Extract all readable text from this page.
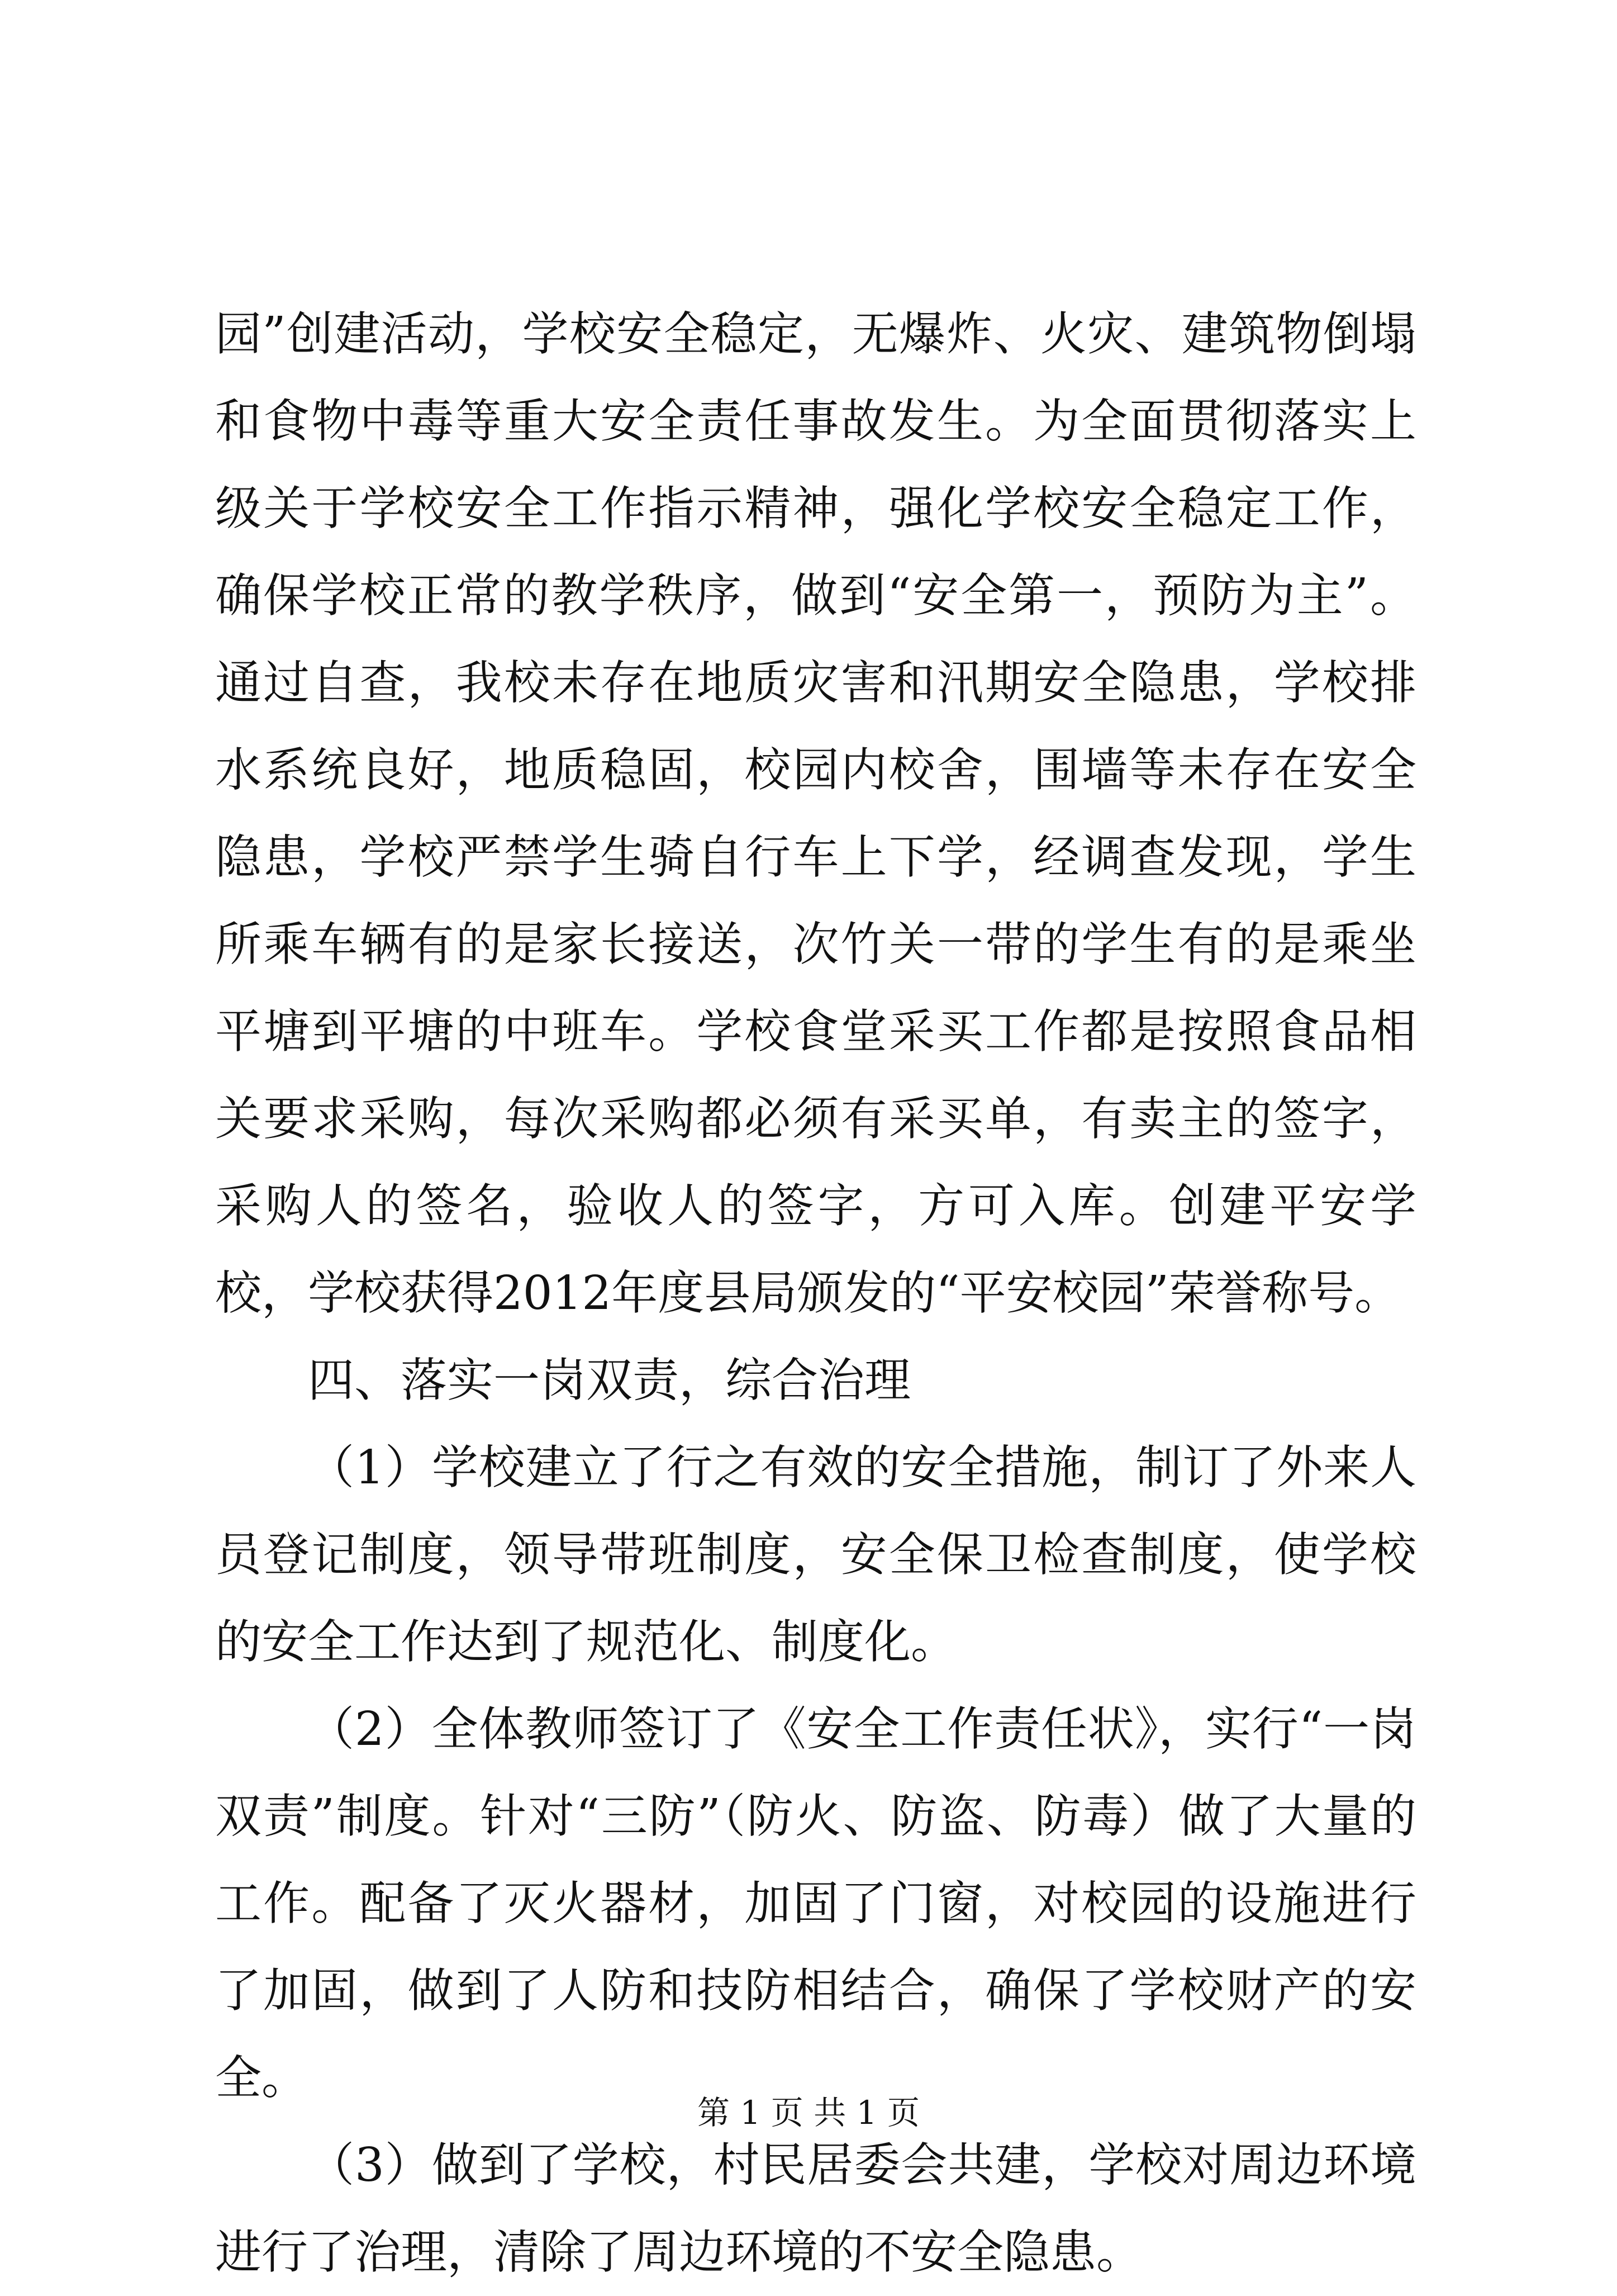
园”创建活动，学校安全稳定，无爆炸、火灾、建筑物倒塌和食物中毒等重大安全责任事故发生。为全面贯彻落实上级关于学校安全工作指示精神，强化学校安全稳定工作，确保学校正常的教学秩序，做到“安全第一，预防为主”。通过自查，我校未存在地质灾害和汛期安全隐患，学校排水系统良好，地质稳固，校园内校舍，围墙等未存在安全隐患，学校严禁学生骑自行车上下学，经调查发现，学生所乘车辆有的是家长接送，次竹关一带的学生有的是乘坐平塘到平塘的中班车。学校食堂采买工作都是按照食品相关要求采购，每次采购都必须有采买单，有卖主的签字，采购人的签名，验收人的签字，方可入库。创建平安学校，学校获得2012年度县局颁发的“平安校园”荣誉称号。

四、落实一岗双责，综合治理

（1）学校建立了行之有效的安全措施，制订了外来人员登记制度，领导带班制度，安全保卫检查制度，使学校的安全工作达到了规范化、制度化。

（2）全体教师签订了《安全工作责任状》，实行“一岗双责”制度。针对“三防”（防火、防盗、防毒）做了大量的工作。配备了灭火器材，加固了门窗，对校园的设施进行了加固，做到了人防和技防相结合，确保了学校财产的安全。

（3）做到了学校，村民居委会共建，学校对周边环境进行了治理，清除了周边环境的不安全隐患。

第 1 页 共 1 页
